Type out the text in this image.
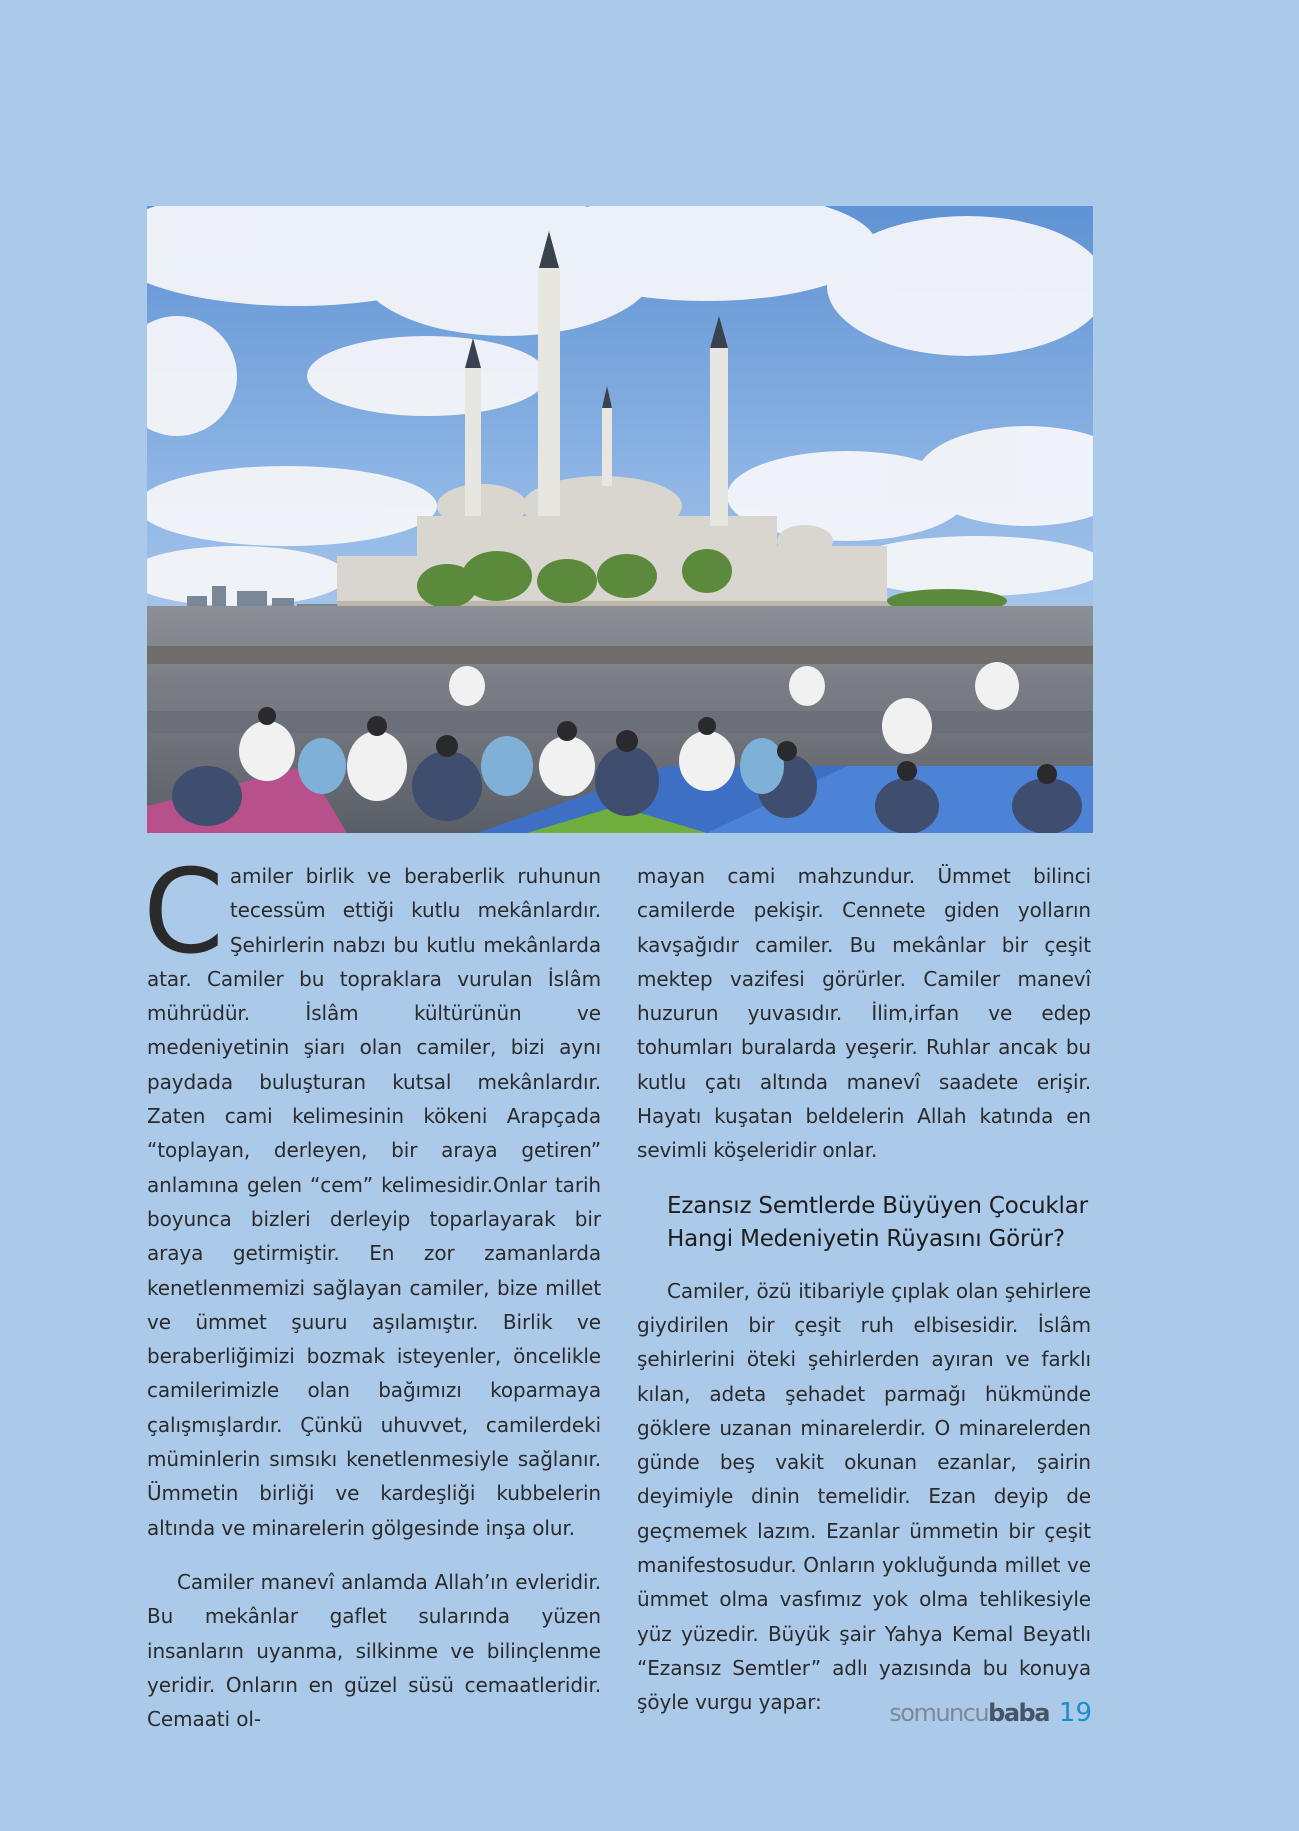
Camiler birlik ve beraberlik ruhunun tecessüm ettiği kutlu mekânlardır. Şehirlerin nabzı bu kutlu mekânlarda atar. Camiler bu topraklara vurulan İslâm mührüdür. İslâm kültürünün ve medeniyetinin şiarı olan camiler, bizi aynı paydada buluşturan kutsal mekânlardır. Zaten cami kelimesinin kökeni Arapçada “toplayan, derleyen, bir araya getiren” anlamına gelen “cem” kelimesidir.Onlar tarih boyunca bizleri derleyip toparlayarak bir araya getirmiştir. En zor zamanlarda kenetlenmemizi sağlayan camiler, bize millet ve ümmet şuuru aşılamıştır. Birlik ve beraberliğimizi bozmak isteyenler, öncelikle camilerimizle olan bağımızı koparmaya çalışmışlardır. Çünkü uhuvvet, camilerdeki müminlerin sımsıkı kenetlenmesiyle sağlanır. Ümmetin birliği ve kardeşliği kubbelerin altında ve minarelerin gölgesinde inşa olur.

Camiler manevî anlamda Allah’ın evleridir. Bu mekânlar gaflet sularında yüzen insanların uyanma, silkinme ve bilinçlenme yeridir. Onların en güzel süsü cemaatleridir. Cemaati ol-

mayan cami mahzundur. Ümmet bilinci camilerde pekişir. Cennete giden yolların kavşağıdır camiler. Bu mekânlar bir çeşit mektep vazifesi görürler. Camiler manevî huzurun yuvasıdır. İlim,irfan ve edep tohumları buralarda yeşerir. Ruhlar ancak bu kutlu çatı altında manevî saadete erişir. Hayatı kuşatan beldelerin Allah katında en sevimli köşeleridir onlar.

Ezansız Semtlerde Büyüyen Çocuklar Hangi Medeniyetin Rüyasını Görür?

Camiler, özü itibariyle çıplak olan şehirlere giydirilen bir çeşit ruh elbisesidir. İslâm şehirlerini öteki şehirlerden ayıran ve farklı kılan, adeta şehadet parmağı hükmünde göklere uzanan minarelerdir. O minarelerden günde beş vakit okunan ezanlar, şairin deyimiyle dinin temelidir. Ezan deyip de geçmemek lazım. Ezanlar ümmetin bir çeşit manifestosudur. Onların yokluğunda millet ve ümmet olma vasfımız yok olma tehlikesiyle yüz yüzedir. Büyük şair Yahya Kemal Beyatlı “Ezansız Semtler” adlı yazısında bu konuya şöyle vurgu yapar:	somuncubaba 19
